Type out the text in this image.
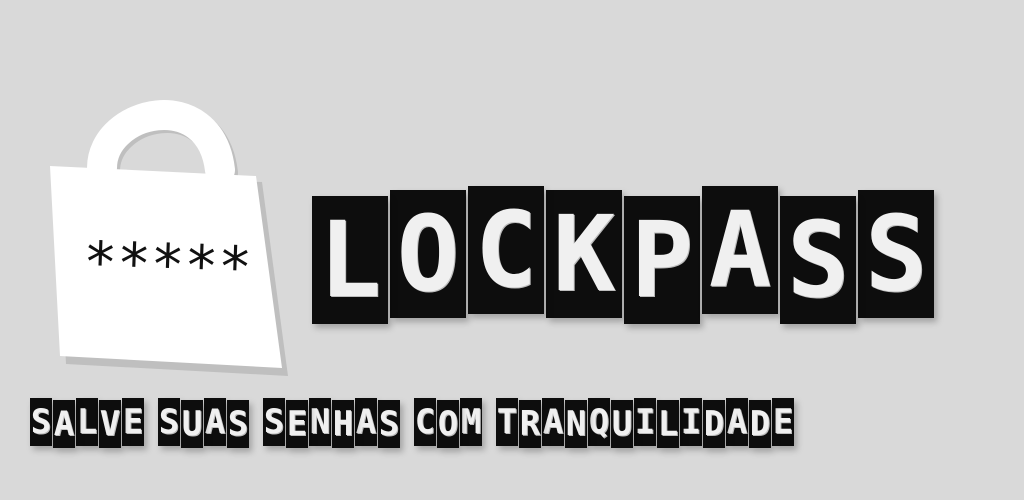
***** L O C K P A S S
S A L V E S U A S S E N H A S C O M T R A N Q U I L I D A D E
